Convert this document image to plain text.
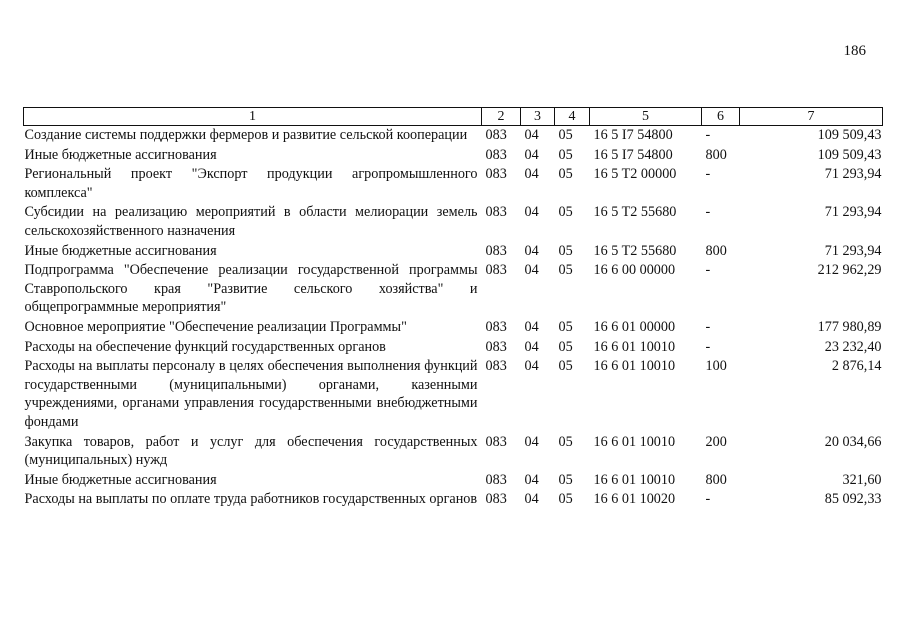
186
1	2	3	4	5	6	7
Создание системы поддержки фермеров и развитие сельской кооперации	083	04	05	16 5 I7 54800	-	109 509,43
Иные бюджетные ассигнования	083	04	05	16 5 I7 54800	800	109 509,43
Региональный проект "Экспорт продукции агропромышленного комплекса"	083	04	05	16 5 T2 00000	-	71 293,94
Субсидии на реализацию мероприятий в области мелиорации земель сельскохозяйственного назначения	083	04	05	16 5 T2 55680	-	71 293,94
Иные бюджетные ассигнования	083	04	05	16 5 T2 55680	800	71 293,94
Подпрограмма "Обеспечение реализации государственной программы Ставропольского края "Развитие сельского хозяйства" и общепрограммные мероприятия"	083	04	05	16 6 00 00000	-	212 962,29
Основное мероприятие "Обеспечение реализации Программы"	083	04	05	16 6 01 00000	-	177 980,89
Расходы на обеспечение функций государственных органов	083	04	05	16 6 01 10010	-	23 232,40
Расходы на выплаты персоналу в целях обеспечения выполнения функций государственными (муниципальными) органами, казенными учреждениями, органами управления государственными внебюджетными фондами	083	04	05	16 6 01 10010	100	2 876,14
Закупка товаров, работ и услуг для обеспечения государственных (муниципальных) нужд	083	04	05	16 6 01 10010	200	20 034,66
Иные бюджетные ассигнования	083	04	05	16 6 01 10010	800	321,60
Расходы на выплаты по оплате труда работников государственных органов	083	04	05	16 6 01 10020	-	85 092,33
